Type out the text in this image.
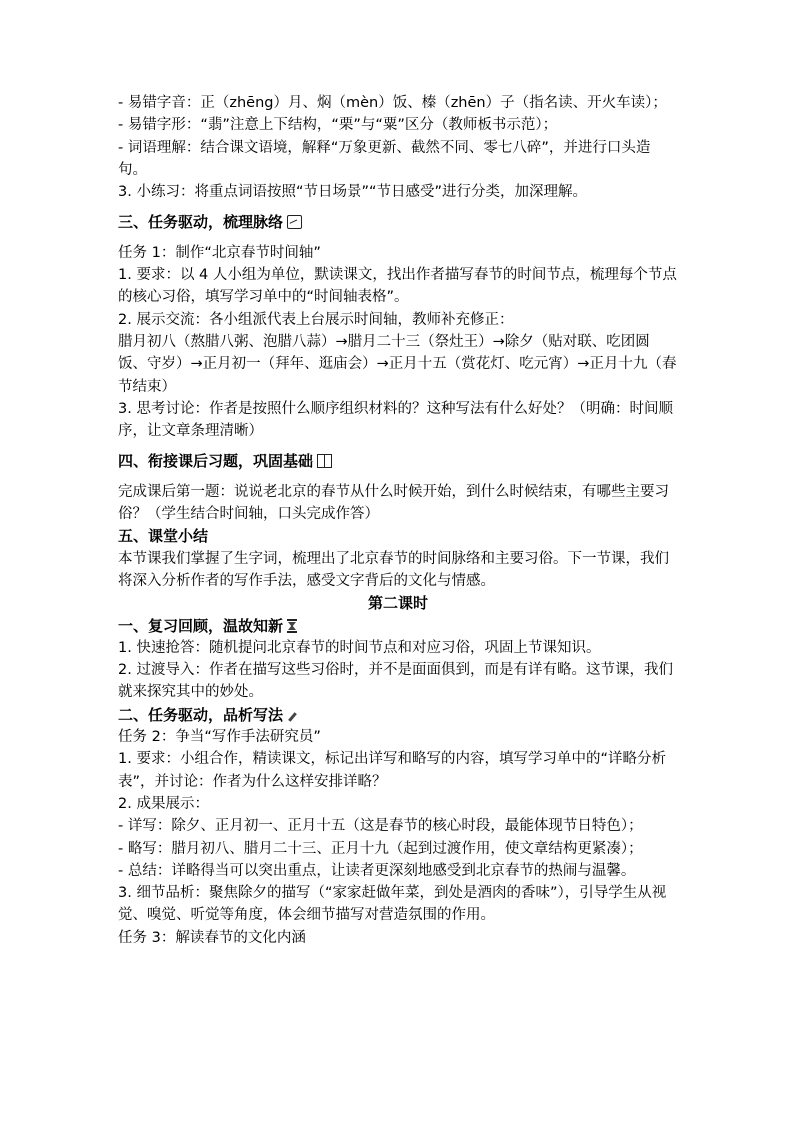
- 易错字音：正（zhēng）月、焖（mèn）饭、榛（zhēn）子（指名读、开火车读）；

- 易错字形：“翡”注意上下结构，“栗”与“粟”区分（教师板书示范）；

- 词语理解：结合课文语境，解释“万象更新、截然不同、零七八碎”，并进行口头造句。

3. 小练习：将重点词语按照“节日场景”“节日感受”进行分类，加深理解。

三、任务驱动，梳理脉络

任务 1：制作“北京春节时间轴”

1. 要求：以 4 人小组为单位，默读课文，找出作者描写春节的时间节点，梳理每个节点的核心习俗，填写学习单中的“时间轴表格”。

2. 展示交流：各小组派代表上台展示时间轴，教师补充修正：

腊月初八（熬腊八粥、泡腊八蒜）→腊月二十三（祭灶王）→除夕（贴对联、吃团圆饭、守岁）→正月初一（拜年、逛庙会）→正月十五（赏花灯、吃元宵）→正月十九（春节结束）

3. 思考讨论：作者是按照什么顺序组织材料的？这种写法有什么好处？（明确：时间顺序，让文章条理清晰）

四、衔接课后习题，巩固基础

完成课后第一题：说说老北京的春节从什么时候开始，到什么时候结束，有哪些主要习俗？（学生结合时间轴，口头完成作答）

五、课堂小结

本节课我们掌握了生字词，梳理出了北京春节的时间脉络和主要习俗。下一节课，我们将深入分析作者的写作手法，感受文字背后的文化与情感。

第二课时

一、复习回顾，温故知新

1. 快速抢答：随机提问北京春节的时间节点和对应习俗，巩固上节课知识。

2. 过渡导入：作者在描写这些习俗时，并不是面面俱到，而是有详有略。这节课，我们就来探究其中的妙处。

二、任务驱动，品析写法

任务 2：争当“写作手法研究员”

1. 要求：小组合作，精读课文，标记出详写和略写的内容，填写学习单中的“详略分析表”，并讨论：作者为什么这样安排详略？

2. 成果展示：

- 详写：除夕、正月初一、正月十五（这是春节的核心时段，最能体现节日特色）；

- 略写：腊月初八、腊月二十三、正月十九（起到过渡作用，使文章结构更紧凑）；

- 总结：详略得当可以突出重点，让读者更深刻地感受到北京春节的热闹与温馨。

3. 细节品析：聚焦除夕的描写（“家家赶做年菜，到处是酒肉的香味”），引导学生从视觉、嗅觉、听觉等角度，体会细节描写对营造氛围的作用。

任务 3：解读春节的文化内涵
